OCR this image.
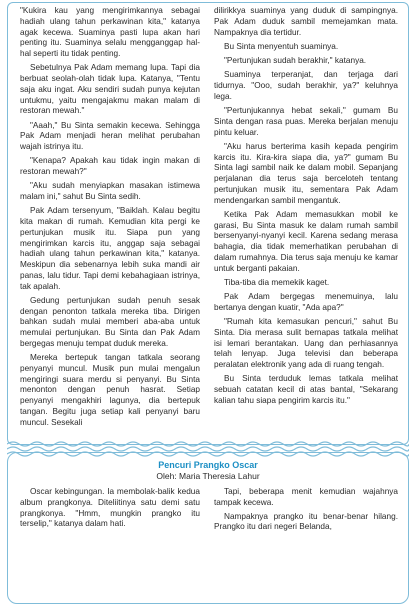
"Kukira kau yang mengirimkannya sebagai hadiah ulang tahun perkawinan kita," katanya agak kecewa. Suaminya pasti lupa akan hari penting itu. Suaminya selalu mengganggap hal-hal seperti itu tidak penting.

Sebetulnya Pak Adam memang lupa. Tapi dia berbuat seolah-olah tidak lupa. Katanya, "Tentu saja aku ingat. Aku sendiri sudah punya kejutan untukmu, yaitu mengajakmu makan malam di restoran mewah."

"Aaah," Bu Sinta semakin kecewa. Sehingga Pak Adam menjadi heran melihat perubahan wajah istrinya itu.

"Kenapa? Apakah kau tidak ingin makan di restoran mewah?"

"Aku sudah menyiapkan masakan istimewa malam ini," sahut Bu Sinta sedih.

Pak Adam tersenyum, "Baiklah. Kalau begitu kita makan di rumah. Kemudian kita pergi ke pertunjukan musik itu. Siapa pun yang mengirimkan karcis itu, anggap saja sebagai hadiah ulang tahun perkawinan kita," katanya. Meskipun dia sebenarnya lebih suka mandi air panas, lalu tidur. Tapi demi kebahagiaan istrinya, tak apalah.

Gedung pertunjukan sudah penuh sesak dengan penonton tatkala mereka tiba. Dirigen bahkan sudah mulai memberi aba-aba untuk memulai pertunjukan. Bu Sinta dan Pak Adam bergegas menuju tempat duduk mereka.

Mereka bertepuk tangan tatkala seorang penyanyi muncul. Musik pun mulai mengalun mengiringi suara merdu si penyanyi. Bu Sinta menonton dengan penuh hasrat. Setiap penyanyi mengakhiri lagunya, dia bertepuk tangan. Begitu juga setiap kali penyanyi baru muncul. Sesekali

dilirikkya suaminya yang duduk di sampingnya. Pak Adam duduk sambil memejamkan mata. Nampaknya dia tertidur.

Bu Sinta menyentuh suaminya.

"Pertunjukan sudah berakhir," katanya.

Suaminya terperanjat, dan terjaga dari tidurnya. "Ooo, sudah berakhir, ya?" keluhnya lega.

"Pertunjukannya hebat sekali," gumam Bu Sinta dengan rasa puas. Mereka berjalan menuju pintu keluar.

"Aku harus berterima kasih kepada pengirim karcis itu. Kira-kira siapa dia, ya?" gumam Bu Sinta lagi sambil naik ke dalam mobil. Sepanjang perjalanan dia terus saja berceloteh tentang pertunjukan musik itu, sementara Pak Adam mendengarkan sambil mengantuk.

Ketika Pak Adam memasukkan mobil ke garasi, Bu Sinta masuk ke dalam rumah sambil bersenyanyi-nyanyi kecil. Karena sedang merasa bahagia, dia tidak memerhatikan perubahan di dalam rumahnya. Dia terus saja menuju ke kamar untuk berganti pakaian.

Tiba-tiba dia memekik kaget.

Pak Adam bergegas menemuinya, lalu bertanya dengan kuatir, "Ada apa?"

"Rumah kita kemasukan pencuri," sahut Bu Sinta. Dia merasa sulit bernapas tatkala melihat isi lemari berantakan. Uang dan perhiasannya telah lenyap. Juga televisi dan beberapa peralatan elektronik yang ada di ruang tengah.

Bu Sinta terduduk lemas tatkala melihat sebuah catatan kecil di atas bantal, "Sekarang kalian tahu siapa pengirim karcis itu."

Pencuri Prangko Oscar
Oleh: Maria Theresia Lahur

Oscar kebingungan. Ia membolak-balik kedua album prangkonya. Diteliitinya satu demi satu prangkonya. "Hmm, mungkin prangko itu terselip," katanya dalam hati.

Tapi, beberapa menit kemudian wajahnya tampak kecewa.

Nampaknya prangko itu benar-benar hilang. Prangko itu dari negeri Belanda,
